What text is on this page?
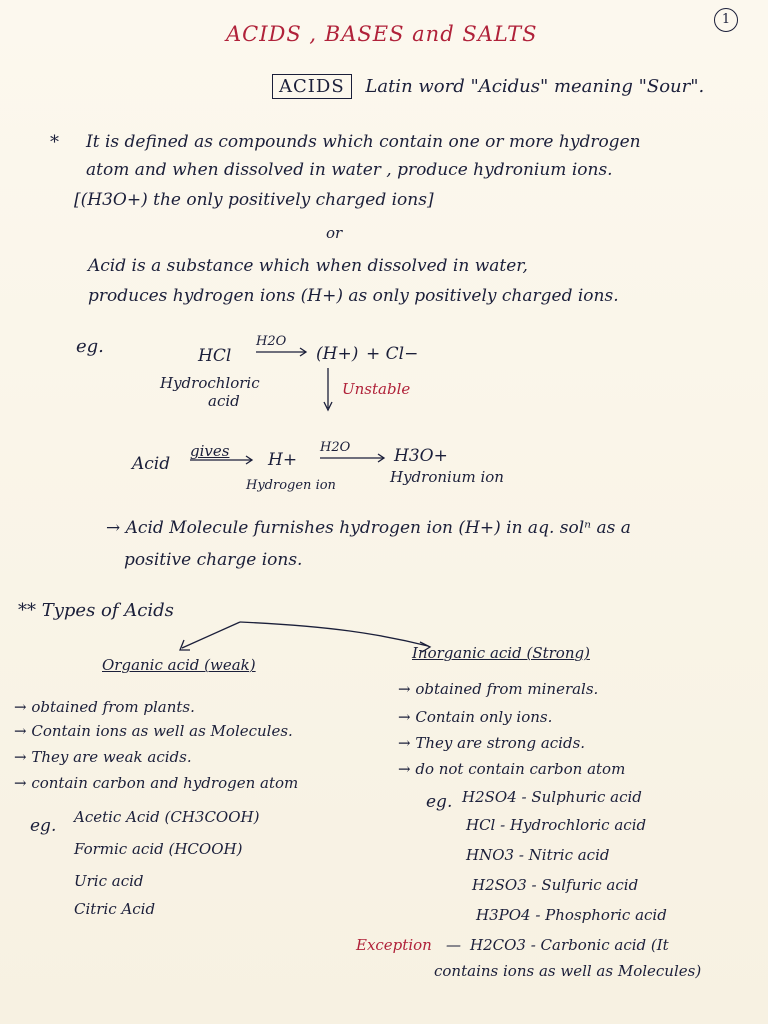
ACIDS , BASES and SALTS
1
ACIDS Latin word "Acidus" meaning "Sour".
* It is defined as compounds which contain one or more hydrogen
atom and when dissolved in water , produce hydronium ions.
[(H3O+) the only positively charged ions]
or
Acid is a substance which when dissolved in water,
produces hydrogen ions (H+) as only positively charged ions.
eg.	HCl
H2O
(H+) + Cl−
Hydrochloric
acid
Unstable
Acid
gives H+
H2O	H3O+
Hydrogen ion	Hydronium ion
→ Acid Molecule furnishes hydrogen ion (H+) in aq. solⁿ as a
positive charge ions.
** Types of Acids
Organic acid (weak)
→ obtained from plants.
→ Contain ions as well as Molecules.
→ They are weak acids.
→ contain carbon and hydrogen atom
eg. Acetic Acid (CH3COOH)
Formic acid (HCOOH)
Uric acid
Citric Acid
Inorganic acid (Strong)
→ obtained from minerals.
→ Contain only ions.
→ They are strong acids.
→ do not contain carbon atom
eg. H2SO4 - Sulphuric acid
HCl - Hydrochloric acid
HNO3 - Nitric acid
H2SO3 - Sulfuric acid
H3PO4 - Phosphoric acid
Exception — H2CO3 - Carbonic acid (It
contains ions as well as Molecules)
